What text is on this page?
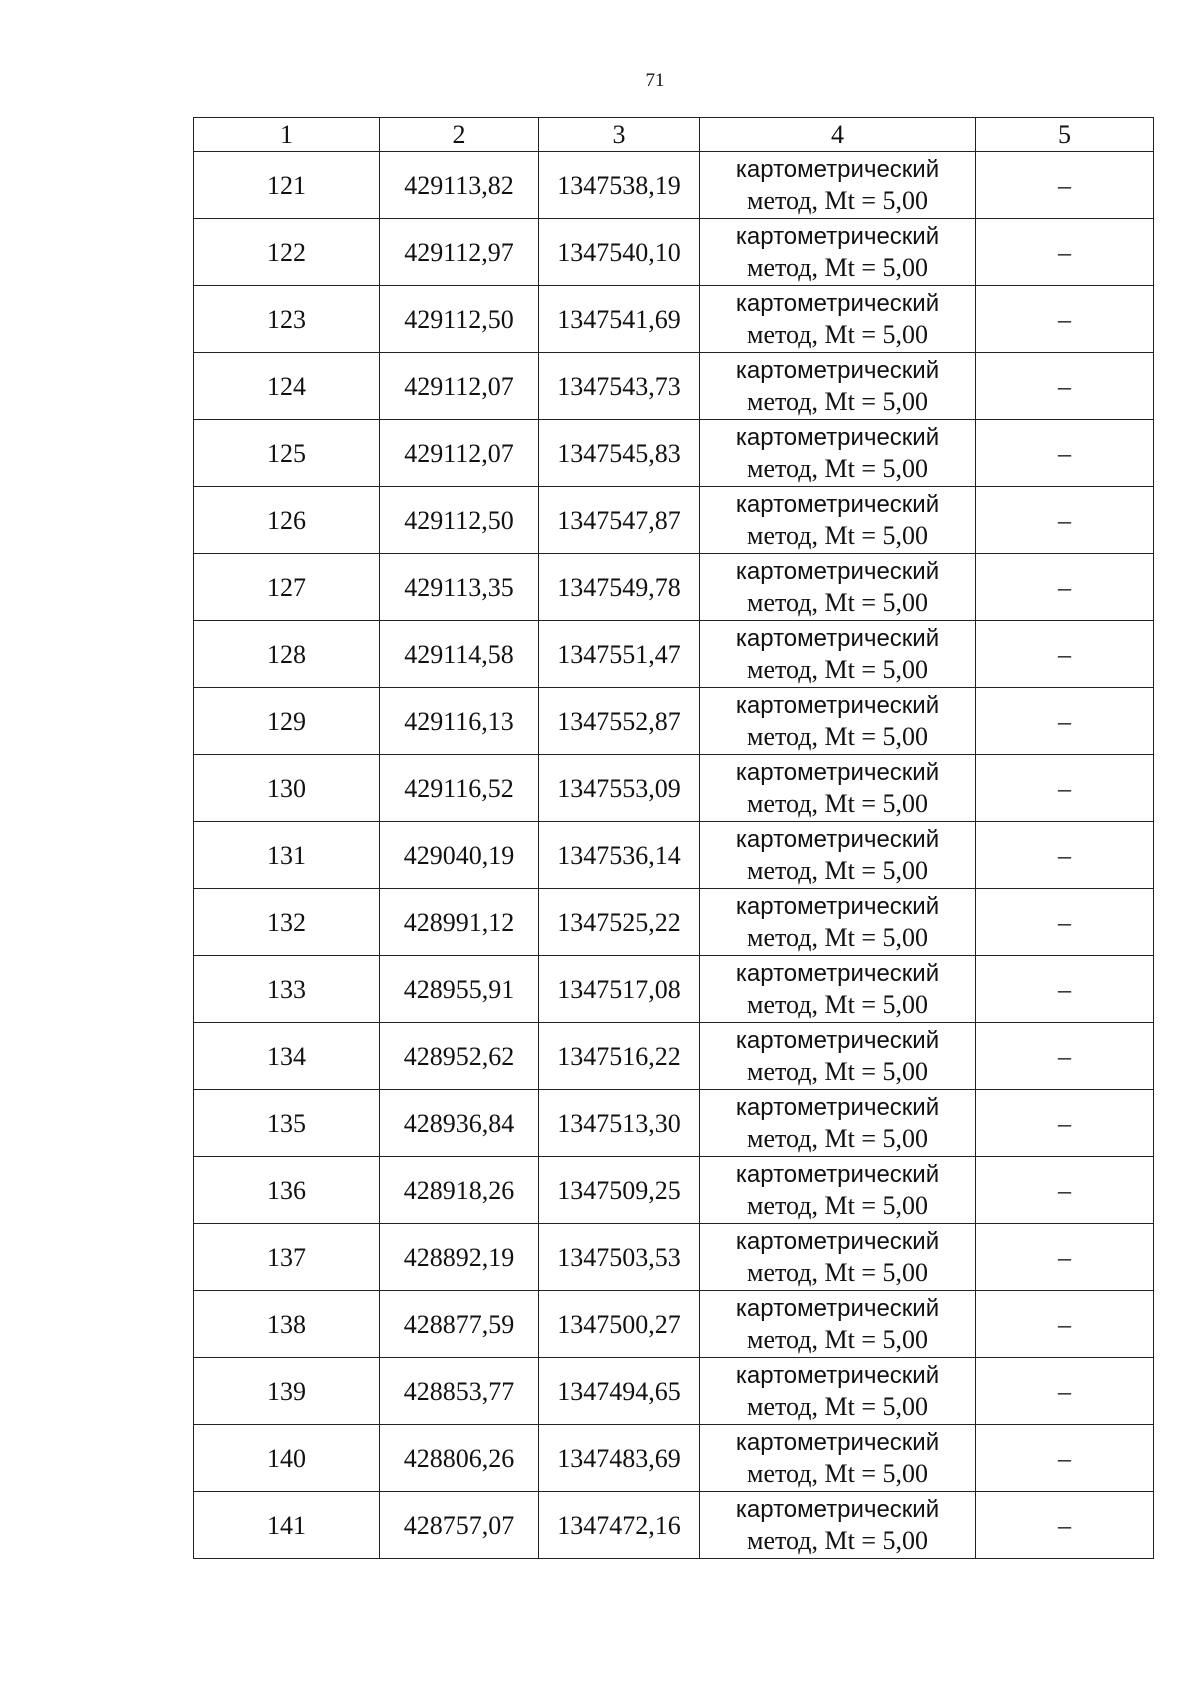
71
1	2	3	4	5
121	429113,82	1347538,19	картометрический
метод, Mt = 5,00	–
122	429112,97	1347540,10	картометрический
метод, Mt = 5,00	–
123	429112,50	1347541,69	картометрический
метод, Mt = 5,00	–
124	429112,07	1347543,73	картометрический
метод, Mt = 5,00	–
125	429112,07	1347545,83	картометрический
метод, Mt = 5,00	–
126	429112,50	1347547,87	картометрический
метод, Mt = 5,00	–
127	429113,35	1347549,78	картометрический
метод, Mt = 5,00	–
128	429114,58	1347551,47	картометрический
метод, Mt = 5,00	–
129	429116,13	1347552,87	картометрический
метод, Mt = 5,00	–
130	429116,52	1347553,09	картометрический
метод, Mt = 5,00	–
131	429040,19	1347536,14	картометрический
метод, Mt = 5,00	–
132	428991,12	1347525,22	картометрический
метод, Mt = 5,00	–
133	428955,91	1347517,08	картометрический
метод, Mt = 5,00	–
134	428952,62	1347516,22	картометрический
метод, Mt = 5,00	–
135	428936,84	1347513,30	картометрический
метод, Mt = 5,00	–
136	428918,26	1347509,25	картометрический
метод, Mt = 5,00	–
137	428892,19	1347503,53	картометрический
метод, Mt = 5,00	–
138	428877,59	1347500,27	картометрический
метод, Mt = 5,00	–
139	428853,77	1347494,65	картометрический
метод, Mt = 5,00	–
140	428806,26	1347483,69	картометрический
метод, Mt = 5,00	–
141	428757,07	1347472,16	картометрический
метод, Mt = 5,00	–
